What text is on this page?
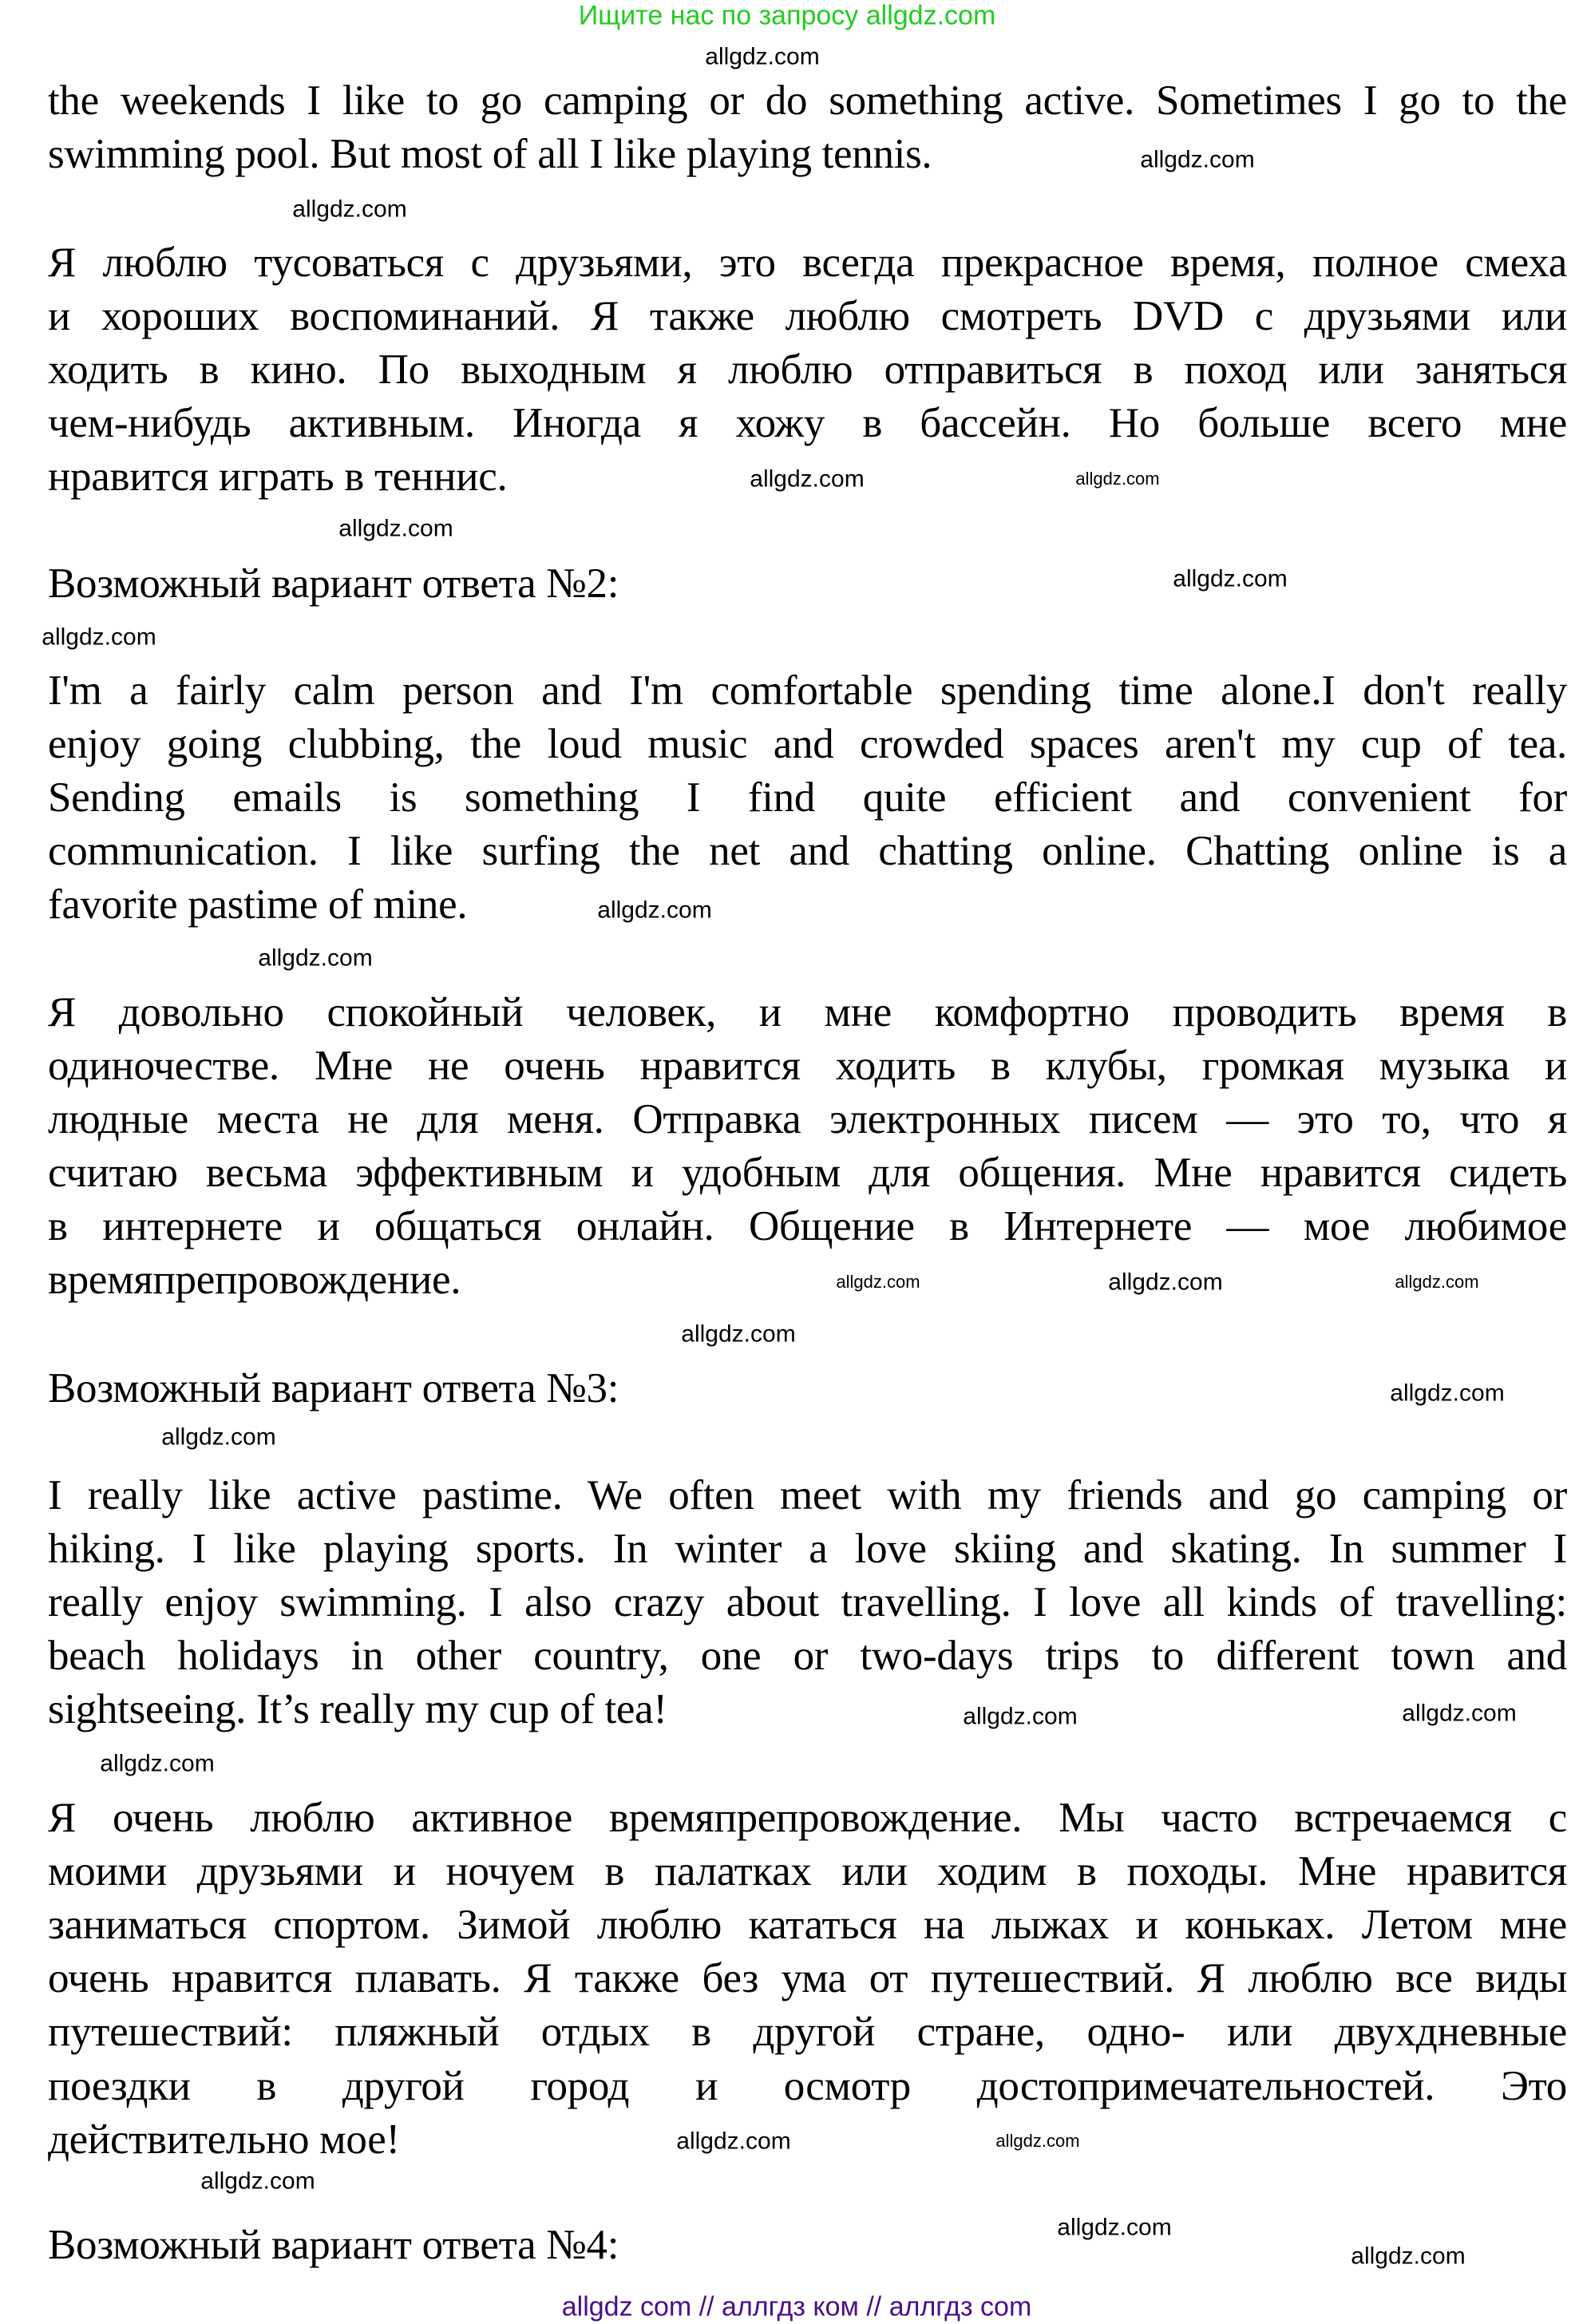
Ищите нас по запросу allgdz.com
the weekends I like to go camping or do something active. Sometimes I go to the
swimming pool. But most of all I like playing tennis.
Я люблю тусоваться с друзьями, это всегда прекрасное время, полное смеха
и хороших воспоминаний. Я также люблю смотреть DVD с друзьями или
ходить в кино. По выходным я люблю отправиться в поход или заняться
чем-нибудь активным. Иногда я хожу в бассейн. Но больше всего мне
нравится играть в теннис.
Возможный вариант ответа №2:
I'm a fairly calm person and I'm comfortable spending time alone.I don't really
enjoy going clubbing, the loud music and crowded spaces aren't my cup of tea.
Sending emails is something I find quite efficient and convenient for
communication. I like surfing the net and chatting online. Chatting online is a
favorite pastime of mine.
Я довольно спокойный человек, и мне комфортно проводить время в
одиночестве. Мне не очень нравится ходить в клубы, громкая музыка и
людные места не для меня. Отправка электронных писем — это то, что я
считаю весьма эффективным и удобным для общения. Мне нравится сидеть
в интернете и общаться онлайн. Общение в Интернете — мое любимое
времяпрепровождение.
Возможный вариант ответа №3:
I really like active pastime. We often meet with my friends and go camping or
hiking. I like playing sports. In winter a love skiing and skating. In summer I
really enjoy swimming. I also crazy about travelling. I love all kinds of travelling:
beach holidays in other country, one or two-days trips to different town and
sightseeing. It’s really my cup of tea!
Я очень люблю активное времяпрепровождение. Мы часто встречаемся с
моими друзьями и ночуем в палатках или ходим в походы. Мне нравится
заниматься спортом. Зимой люблю кататься на лыжах и коньках. Летом мне
очень нравится плавать. Я также без ума от путешествий. Я люблю все виды
путешествий: пляжный отдых в другой стране, одно- или двухдневные
поездки в другой город и осмотр достопримечательностей. Это
действительно мое!
Возможный вариант ответа №4:
allgdz.com
allgdz.com
allgdz.com
allgdz.com
allgdz.com
allgdz.com
allgdz.com
allgdz.com
allgdz.com
allgdz.com
allgdz.com	allgdz.com
allgdz.com
allgdz.com
allgdz.com
allgdz.com
allgdz.com
allgdz.com
allgdz.com
allgdz.com
allgdz.com
allgdz.com
allgdz.com
allgdz.com
allgdz com // аллгдз ком // аллгдз com
